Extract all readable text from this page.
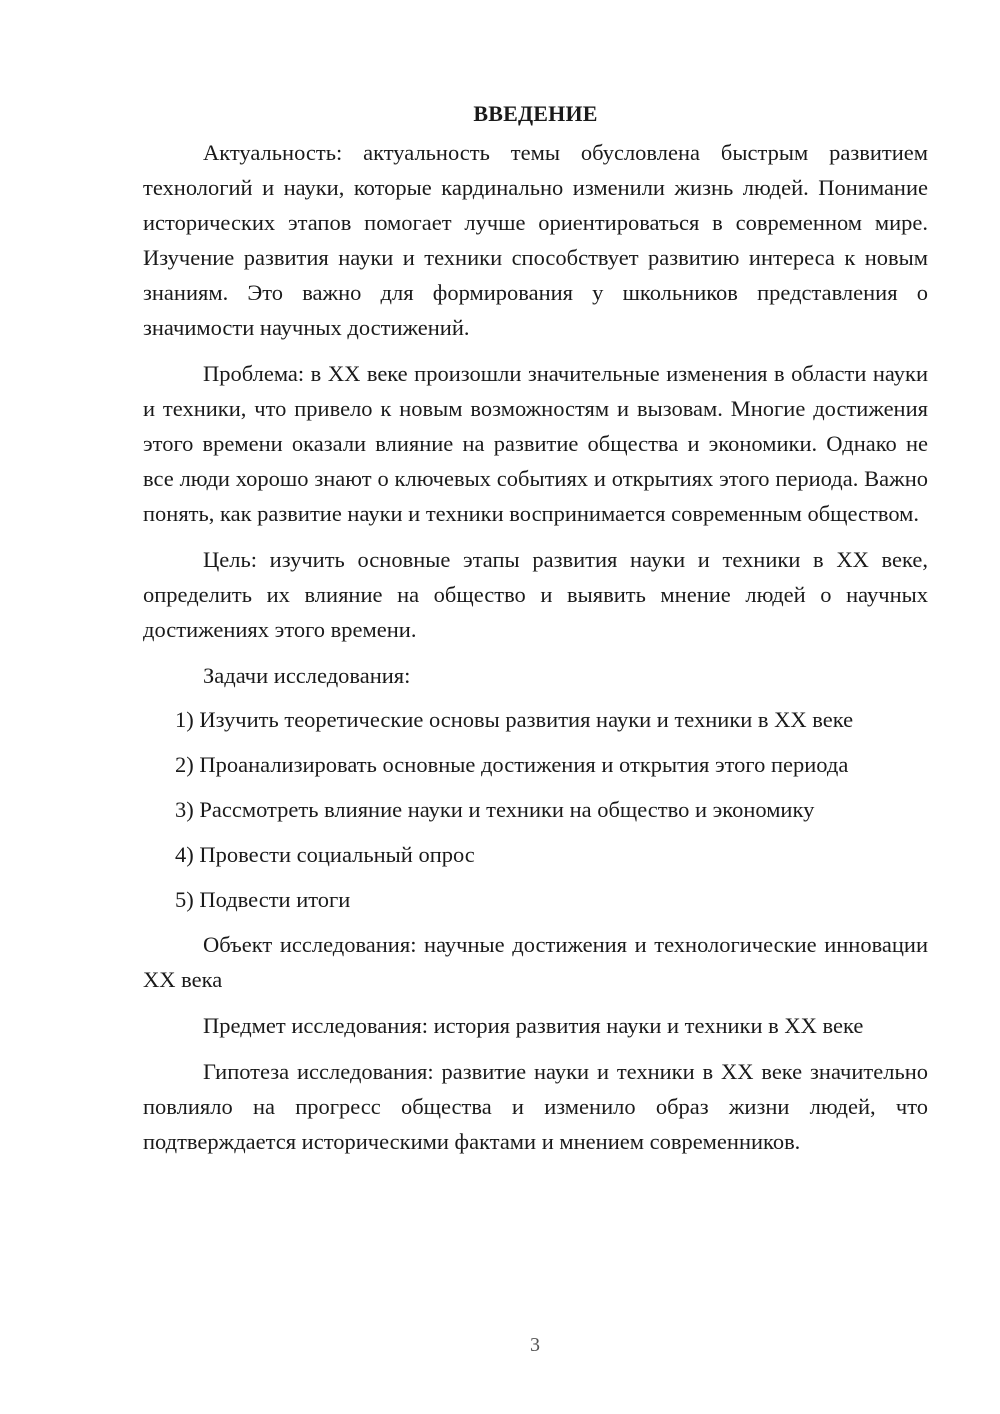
ВВЕДЕНИЕ

Актуальность: актуальность темы обусловлена быстрым развитием технологий и науки, которые кардинально изменили жизнь людей. Понимание исторических этапов помогает лучше ориентироваться в современном мире. Изучение развития науки и техники способствует развитию интереса к новым знаниям. Это важно для формирования у школьников представления о значимости научных достижений.

Проблема: в XX веке произошли значительные изменения в области науки и техники, что привело к новым возможностям и вызовам. Многие достижения этого времени оказали влияние на развитие общества и экономики. Однако не все люди хорошо знают о ключевых событиях и открытиях этого периода. Важно понять, как развитие науки и техники воспринимается современным обществом.

Цель: изучить основные этапы развития науки и техники в XX веке, определить их влияние на общество и выявить мнение людей о научных достижениях этого времени.

Задачи исследования:
1) Изучить теоретические основы развития науки и техники в XX веке
2) Проанализировать основные достижения и открытия этого периода
3) Рассмотреть влияние науки и техники на общество и экономику
4) Провести социальный опрос
5) Подвести итоги

Объект исследования: научные достижения и технологические инновации XX века

Предмет исследования: история развития науки и техники в XX веке

Гипотеза исследования: развитие науки и техники в XX веке значительно повлияло на прогресс общества и изменило образ жизни людей, что подтверждается историческими фактами и мнением современников.

3
